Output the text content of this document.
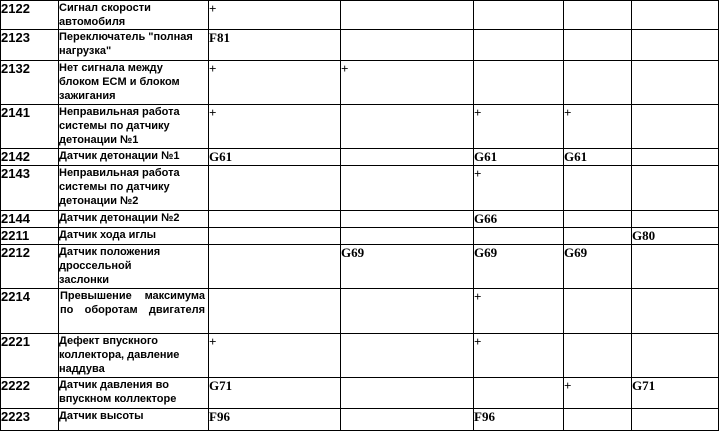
2122	Сигнал скорости
автомобиля	+				
2123	Переключатель "полная
нагрузка"	F81				
2132	Нет сигнала между
блоком ECM и блоком
зажигания	+	+			
2141	Неправильная работа
системы по датчику
детонации №1	+		+	+	
2142	Датчик детонации №1	G61		G61	G61	
2143	Неправильная работа
системы по датчику
детонации №2			+		
2144	Датчик детонации №2			G66		
2211	Датчик хода иглы					G80
2212	Датчик положения
дроссельной
заслонки		G69	G69	G69	
2214	Превышение максимума
по оборотам двигателя			+		
2221	Дефект впускного
коллектора, давление
наддува	+		+		
2222	Датчик давления во
впускном коллекторе	G71			+	G71
2223	Датчик высоты	F96		F96		
